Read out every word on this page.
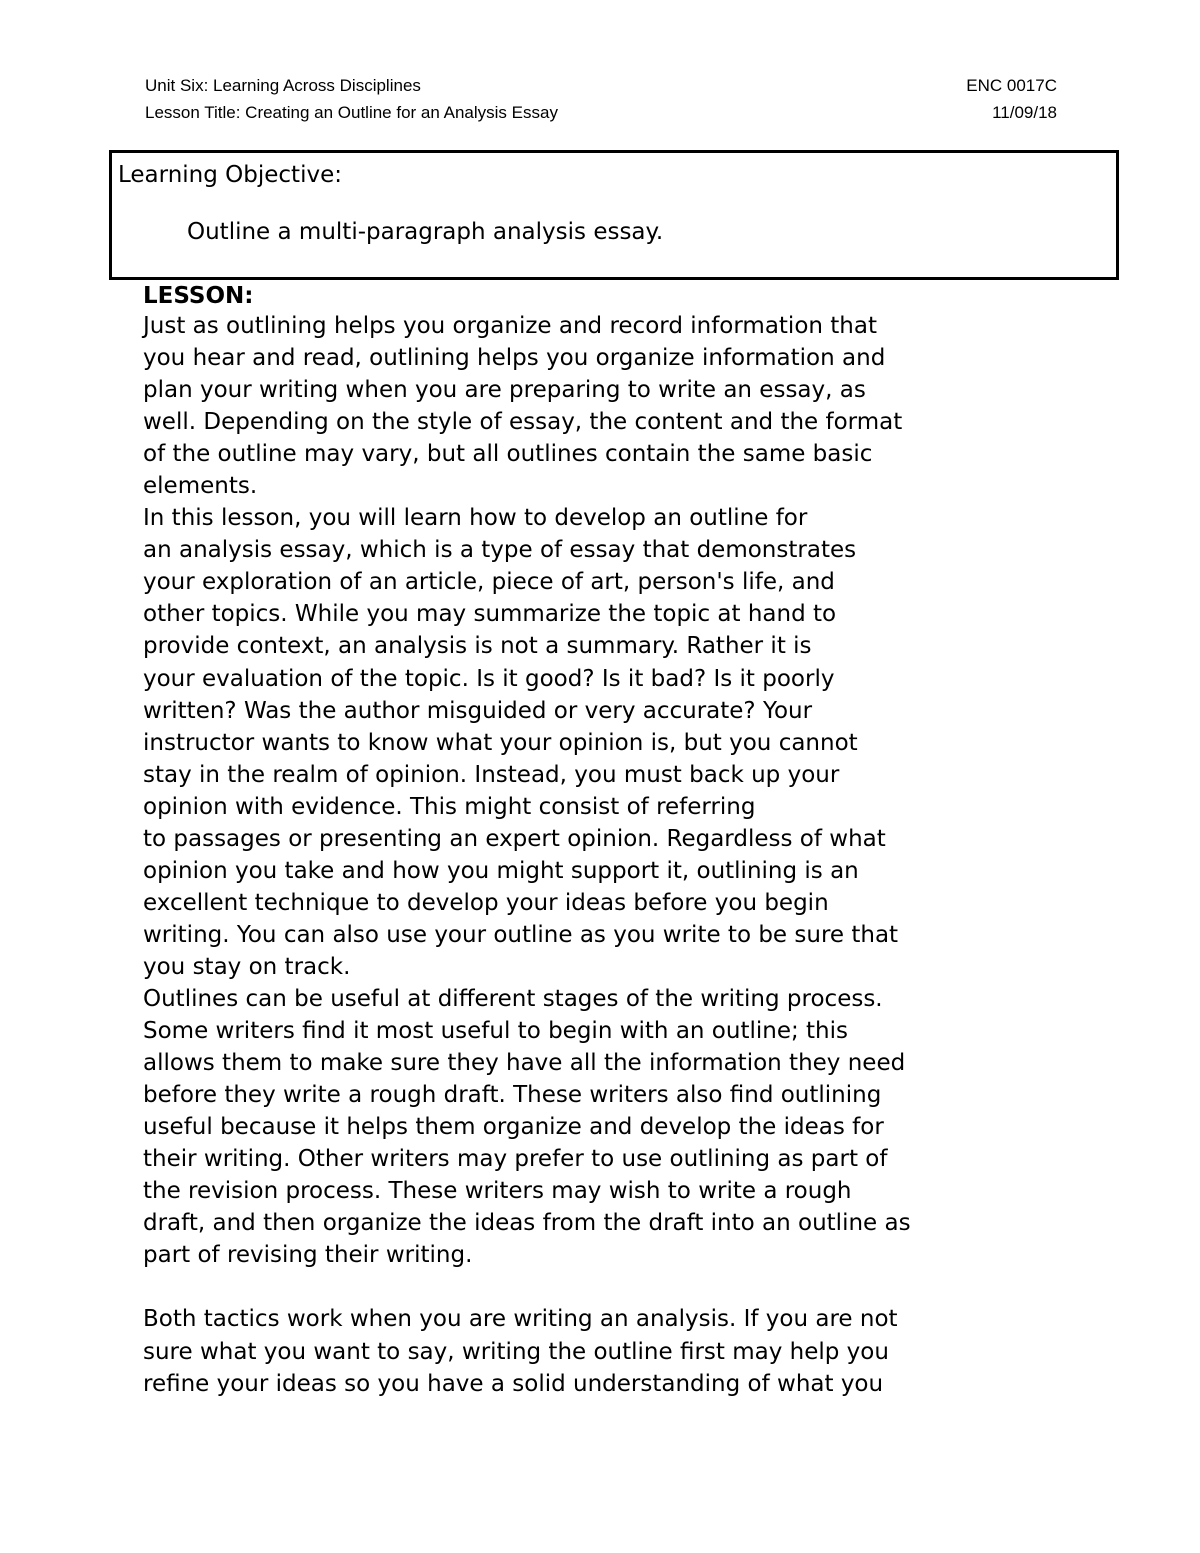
Unit Six: Learning Across Disciplines	ENC 0017C
Lesson Title: Creating an Outline for an Analysis Essay	11/09/18
Learning Objective:
Outline a multi-paragraph analysis essay.
LESSON:
Just as outlining helps you organize and record information that
you hear and read, outlining helps you organize information and
plan your writing when you are preparing to write an essay, as
well. Depending on the style of essay, the content and the format
of the outline may vary, but all outlines contain the same basic
elements.
In this lesson, you will learn how to develop an outline for
an analysis essay, which is a type of essay that demonstrates
your exploration of an article, piece of art, person's life, and
other topics. While you may summarize the topic at hand to
provide context, an analysis is not a summary. Rather it is
your evaluation of the topic. Is it good? Is it bad? Is it poorly
written? Was the author misguided or very accurate? Your
instructor wants to know what your opinion is, but you cannot
stay in the realm of opinion. Instead, you must back up your
opinion with evidence. This might consist of referring
to passages or presenting an expert opinion. Regardless of what
opinion you take and how you might support it, outlining is an
excellent technique to develop your ideas before you begin
writing. You can also use your outline as you write to be sure that
you stay on track.
Outlines can be useful at different stages of the writing process.
Some writers find it most useful to begin with an outline; this
allows them to make sure they have all the information they need
before they write a rough draft. These writers also find outlining
useful because it helps them organize and develop the ideas for
their writing. Other writers may prefer to use outlining as part of
the revision process. These writers may wish to write a rough
draft, and then organize the ideas from the draft into an outline as
part of revising their writing.
Both tactics work when you are writing an analysis. If you are not
sure what you want to say, writing the outline first may help you
refine your ideas so you have a solid understanding of what you
